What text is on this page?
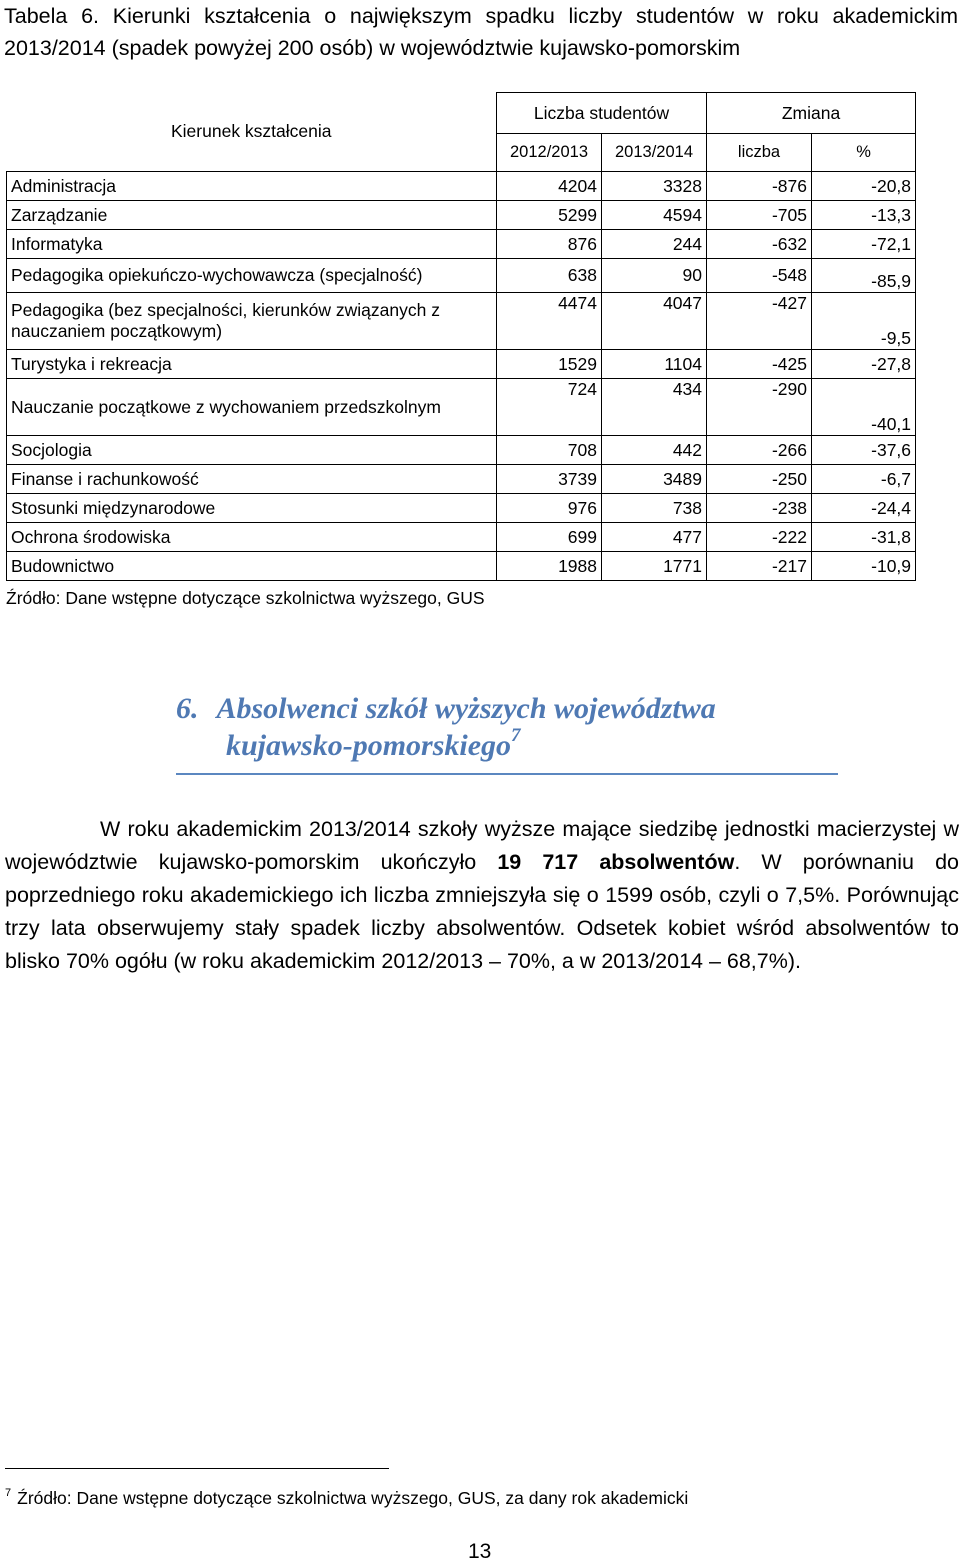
Tabela 6. Kierunki kształcenia o największym spadku liczby studentów w roku akademickim 2013/2014 (spadek powyżej 200 osób) w województwie kujawsko-pomorskim
Kierunek kształcenia	Liczba studentów		Zmiana	
	2012/2013	2013/2014	liczba	%
Administracja	4204	3328	-876	-20,8
Zarządzanie	5299	4594	-705	-13,3
Informatyka	876	244	-632	-72,1
Pedagogika opiekuńczo-wychowawcza (specjalność)	638	90	-548	-85,9
Pedagogika (bez specjalności, kierunków związanych z nauczaniem początkowym)	4474	4047	-427	-9,5
Turystyka i rekreacja	1529	1104	-425	-27,8
Nauczanie początkowe z wychowaniem przedszkolnym	724	434	-290	-40,1
Socjologia	708	442	-266	-37,6
Finanse i rachunkowość	3739	3489	-250	-6,7
Stosunki międzynarodowe	976	738	-238	-24,4
Ochrona środowiska	699	477	-222	-31,8
Budownictwo	1988	1771	-217	-10,9
Źródło: Dane wstępne dotyczące szkolnictwa wyższego, GUS
6. Absolwenci szkół wyższych województwa
kujawsko-pomorskiego$^7$

W roku akademickim 2013/2014 szkoły wyższe mające siedzibę jednostki macierzystej w województwie kujawsko-pomorskim ukończyło 19 717 absolwentów. W porównaniu do poprzedniego roku akademickiego ich liczba zmniejszyła się o 1599 osób, czyli o 7,5%. Porównując trzy lata obserwujemy stały spadek liczby absolwentów. Odsetek kobiet wśród absolwentów to blisko 70% ogółu (w roku akademickim 2012/2013 – 70%, a w 2013/2014 – 68,7%).

$^7$ Źródło: Dane wstępne dotyczące szkolnictwa wyższego, GUS, za dany rok akademicki
13
